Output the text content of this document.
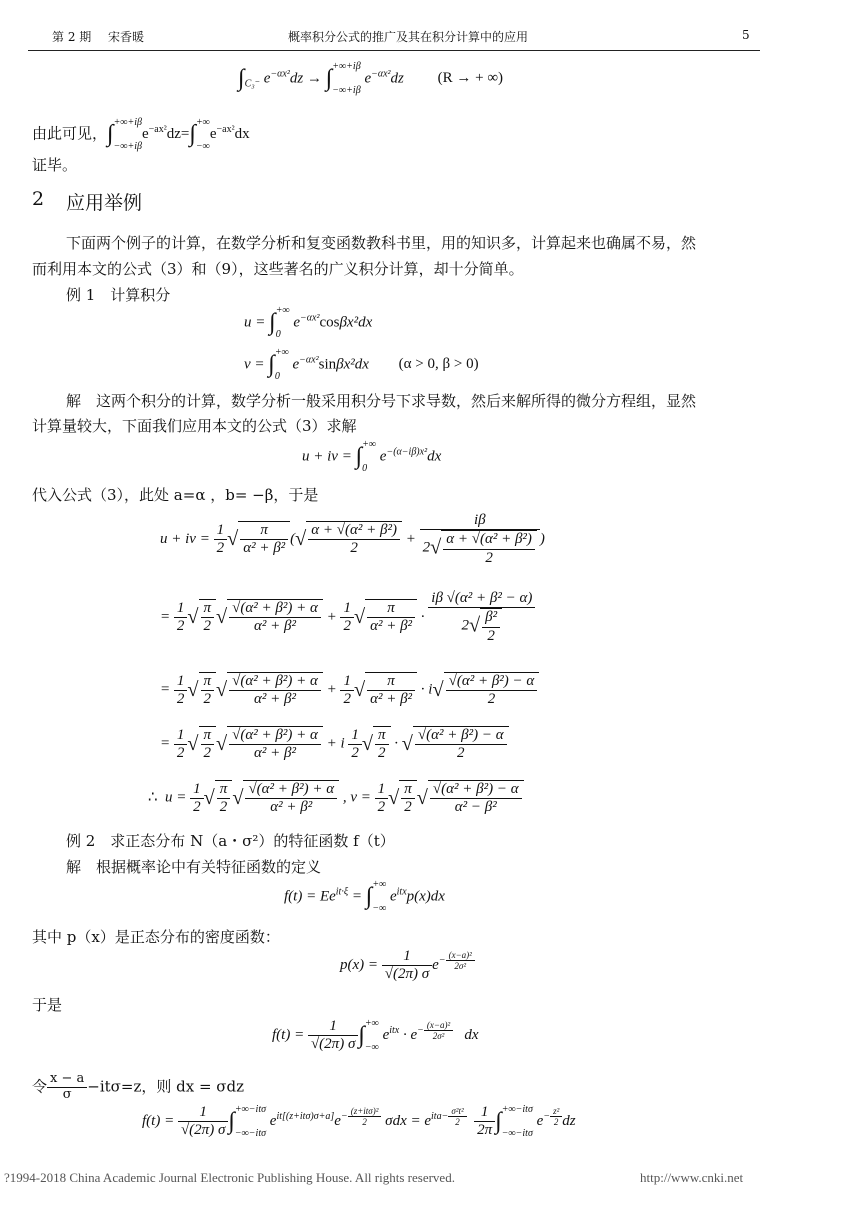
第 2 期 宋香暖	概率积分公式的推广及其在积分计算中的应用	5
$\int_{C_3^-}$ $e^{-\alpha x^2}dz$ → ∫ +∞+iβ
−∞+iβ
$e^{-\alpha x^2}dz$ (R → + ∞)
由此可见，∫ +∞+iβ
−∞+iβ
$e^{-ax^2}dz=\int$ +∞
−∞
$e^{-ax^2}dx$
证毕。
2 应用举例
下面两个例子的计算，在数学分析和复变函数教科书里，用的知识多，计算起来也确属不易，然
而利用本文的公式（3）和（9），这些著名的广义积分计算，却十分简单。
例 1　计算积分
u = ∫ +∞
0
$e^{-\alpha x^2}\cos\beta x^2dx$
v = ∫ +∞
0
$e^{-\alpha x^2}\sin\beta x^2dx$ (α > 0, β > 0)
解　这两个积分的计算，数学分析一般采用积分号下求导数，然后来解所得的微分方程组，显然
计算量较大，下面我们应用本文的公式（3）求解
u + iv = ∫ +∞
0
$e^{-(\alpha-i\beta)x^2}dx$
代入公式（3），此处 a=α ，b= −β，于是
u + iv = $\frac{1}{2}$ √ $\frac{\pi}{\text{α² + β²}}$ (√ $\frac{\text{α + √(α² + β²)}}{2} + \frac{i\beta}{2√ \frac{\text{α + √(α² + β²)}}{2}}$ )
= $\frac{1}{2}$ √ $\frac{\pi}{2}$ √ $\frac{\text{√(α² + β²) + α}}{\text{α² + β²}} + \frac{1}{2}$ √ $\frac{\pi}{\text{α² + β²}} \cdot \frac{\text{iβ √(α² + β² − α)}}{2√ \frac{\text{β²}}{2}}$
= $\frac{1}{2}$ √ $\frac{\pi}{2}$ √ $\frac{\text{√(α² + β²) + α}}{\text{α² + β²}} + \frac{1}{2}$ √ $\frac{\pi}{\text{α² + β²}} \cdot i√ \frac{\text{√(α² + β²) − α}}{2}$
= $\frac{1}{2}$ √ $\frac{\pi}{2}$ √ $\frac{\text{√(α² + β²) + α}}{\text{α² + β²}} + i \frac{1}{2}$ √ $\frac{\pi}{2}$ · √ $\frac{\text{√(α² + β²) − α}}{2}$
∴  $u = \frac{1}{2}$ √ $\frac{\pi}{2}$ √ $\frac{\text{√(α² + β²) + α}}{\text{α² + β²}}$ , $v = \frac{1}{2}$ √ $\frac{\pi}{2}$ √ $\frac{\text{√(α² + β²) − α}}{\text{α² − β²}}$
例 2　求正态分布 N（a・σ²）的特征函数 f（t）
解　根据概率论中有关特征函数的定义
$f(t) = Ee^{it\cdot\xi}$ = ∫ +∞
−∞
$e^{itx}p(x)dx$
其中 p（x）是正态分布的密度函数：
$p(x) = \frac{1}{√(2\pi) \sigma} e^{- \frac{\text{(x−a)²}}{\text{2σ²}}}$
于是
$f(t) = \frac{1}{√(2\pi) \sigma}$ ∫ +∞
−∞
$e^{itx} \cdot e^{- \frac{\text{(x−a)²}}{\text{2σ²}}}$ dx
令 $\frac{x - a}{\sigma} -it\sigma=z$，则 dx = σdz
$f(t) = \frac{1}{√(2\pi) \sigma}$ ∫ +∞−itσ
−∞−itσ
$e^{it[(z+it\sigma)\sigma+a]}e^{- (z+it\sigma)^2 2}$ $\sigma dx = e^{ita- \frac{\text{σ²t²}}{2}}$
$\frac{1}{2\pi}$ ∫ +∞−itσ
−∞−itσ
$e^{- \frac{\text{z²}}{2}}$ dz
?1994-2018 China Academic Journal Electronic Publishing House. All rights reserved.	http://www.cnki.net
